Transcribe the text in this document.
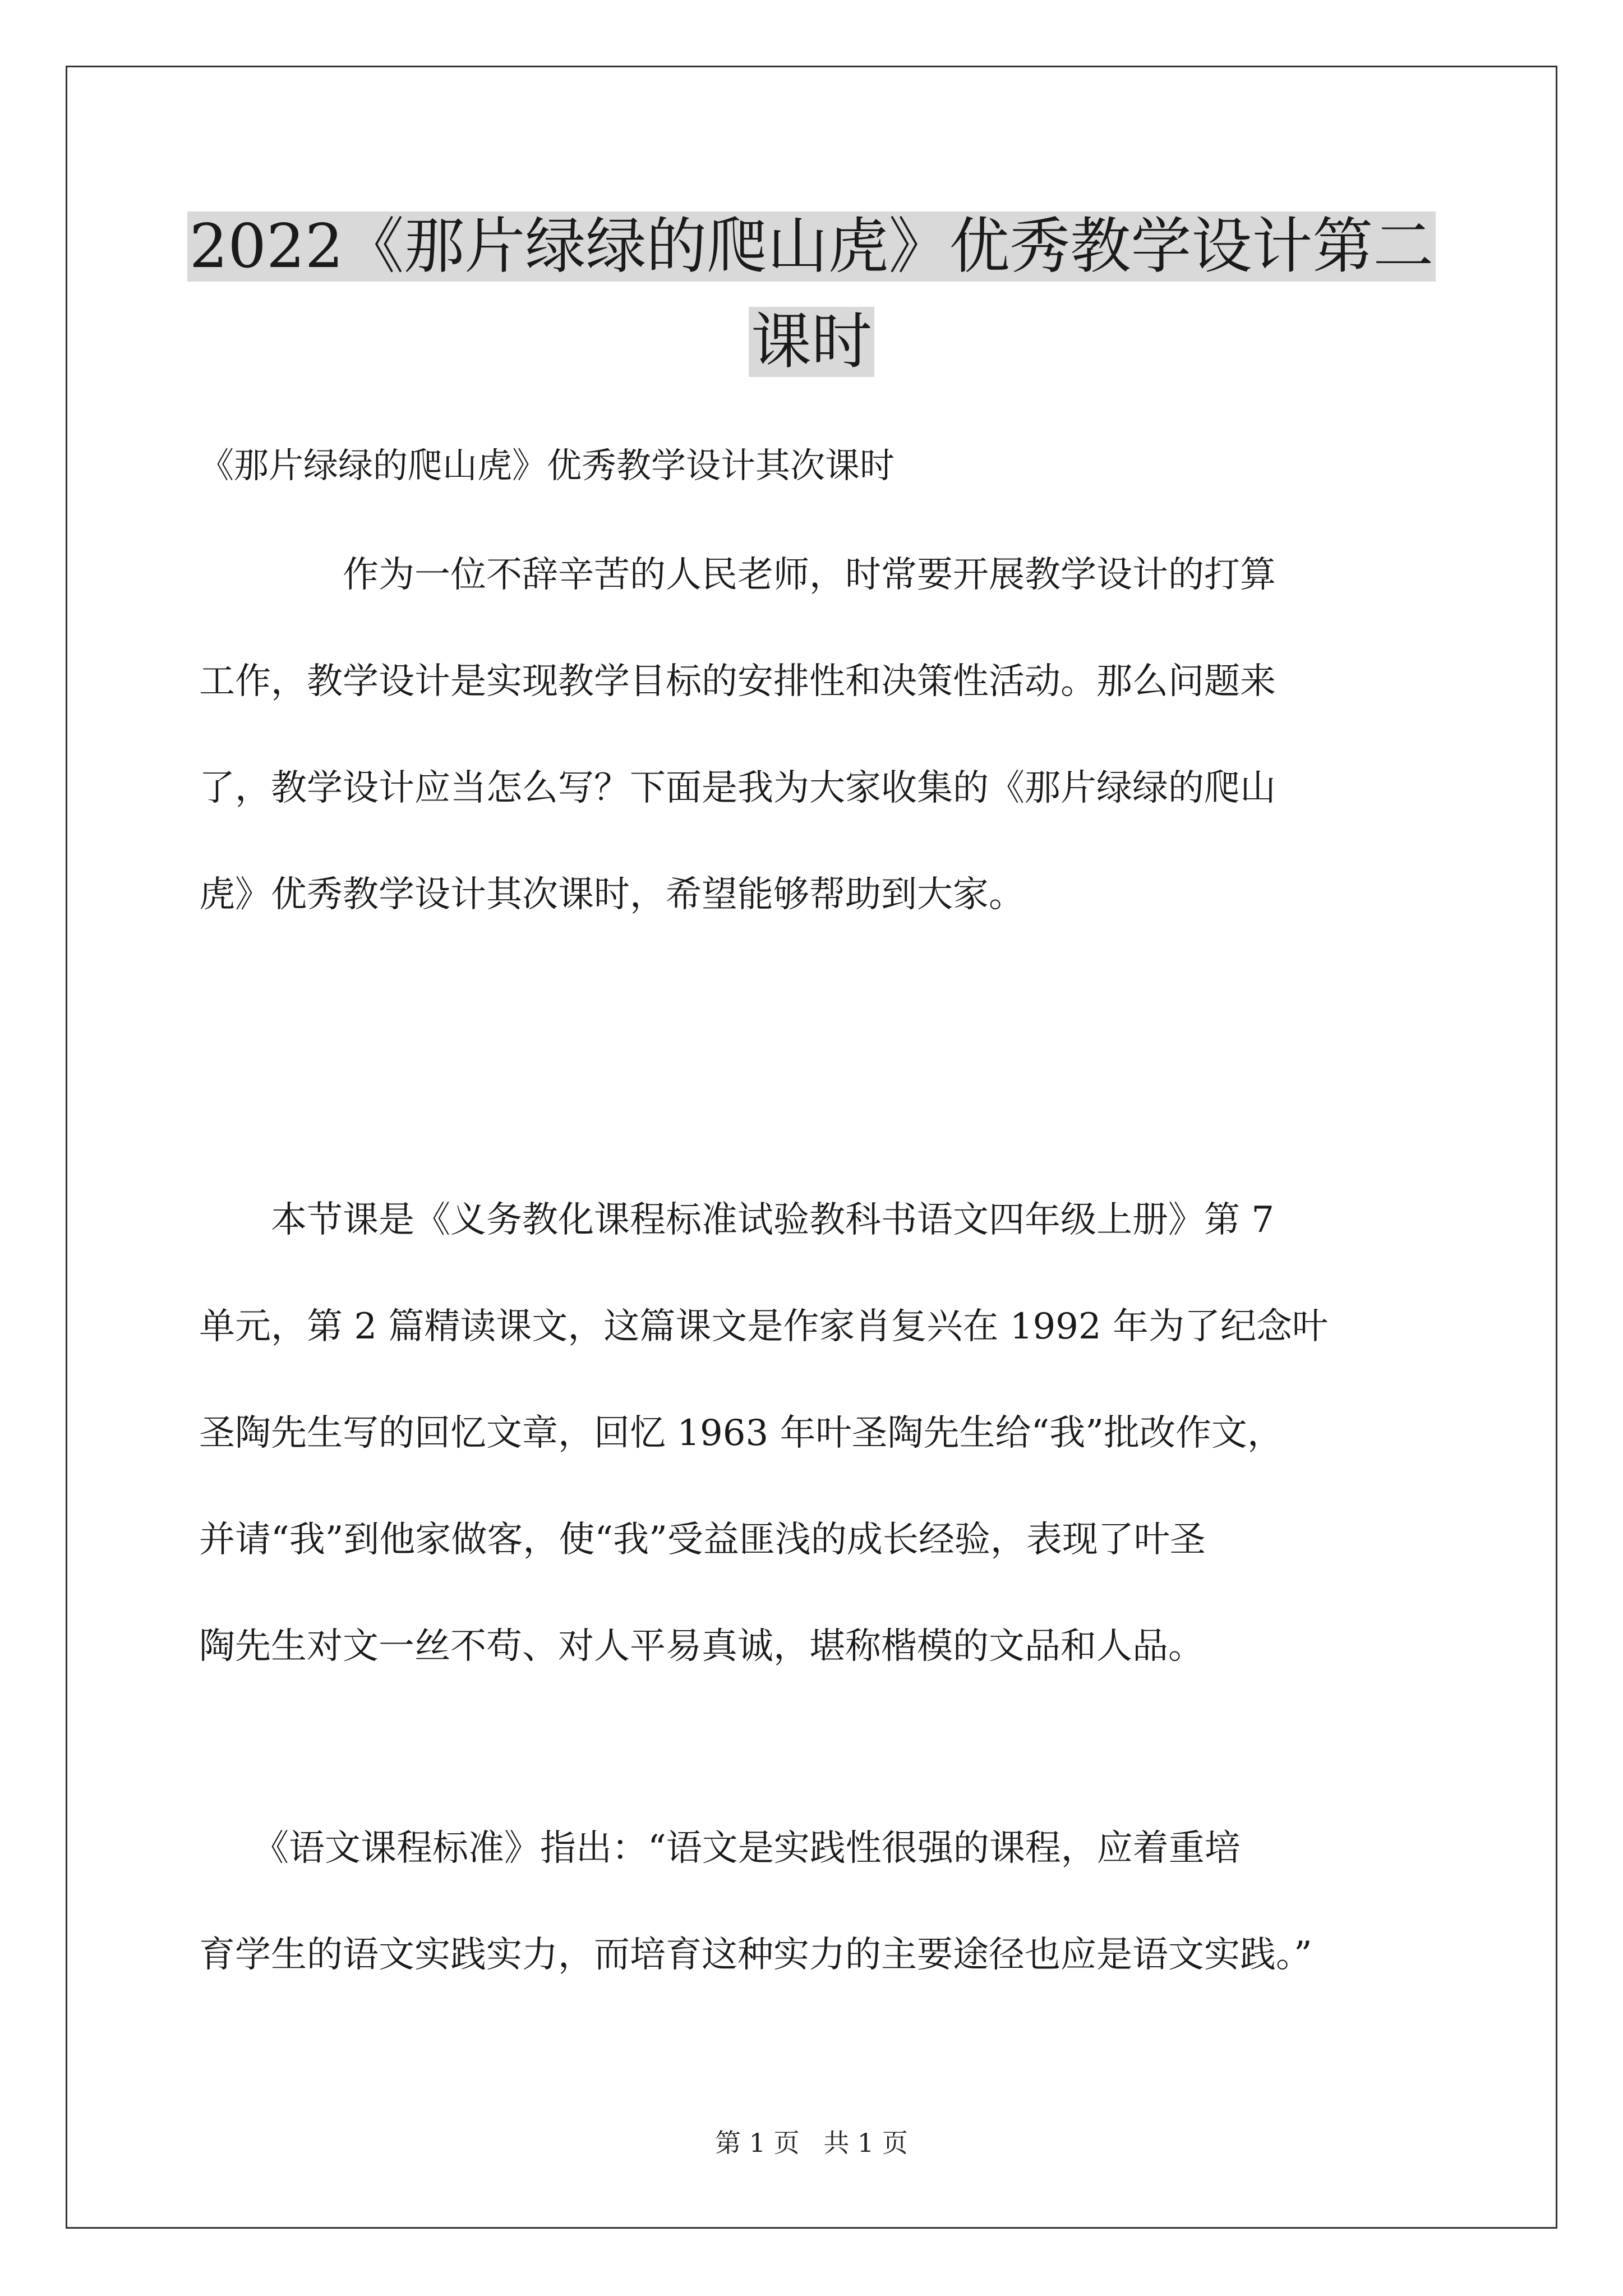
2022《那片绿绿的爬山虎》优秀教学设计第二
课时
《那片绿绿的爬山虎》优秀教学设计其次课时

　　　　作为一位不辞辛苦的人民老师，时常要开展教学设计的打算
工作，教学设计是实现教学目标的安排性和决策性活动。那么问题来
了，教学设计应当怎么写？下面是我为大家收集的《那片绿绿的爬山
虎》优秀教学设计其次课时，希望能够帮助到大家。

　　本节课是《义务教化课程标准试验教科书语文四年级上册》第 7
单元，第 2 篇精读课文，这篇课文是作家肖复兴在 1992 年为了纪念叶
圣陶先生写的回忆文章，回忆 1963 年叶圣陶先生给“我”批改作文，
并请“我”到他家做客，使“我”受益匪浅的成长经验，表现了叶圣
陶先生对文一丝不苟、对人平易真诚，堪称楷模的文品和人品。

　　《语文课程标准》指出：“语文是实践性很强的课程，应着重培
育学生的语文实践实力，而培育这种实力的主要途径也应是语文实践。”

第 1 页 共 1 页
